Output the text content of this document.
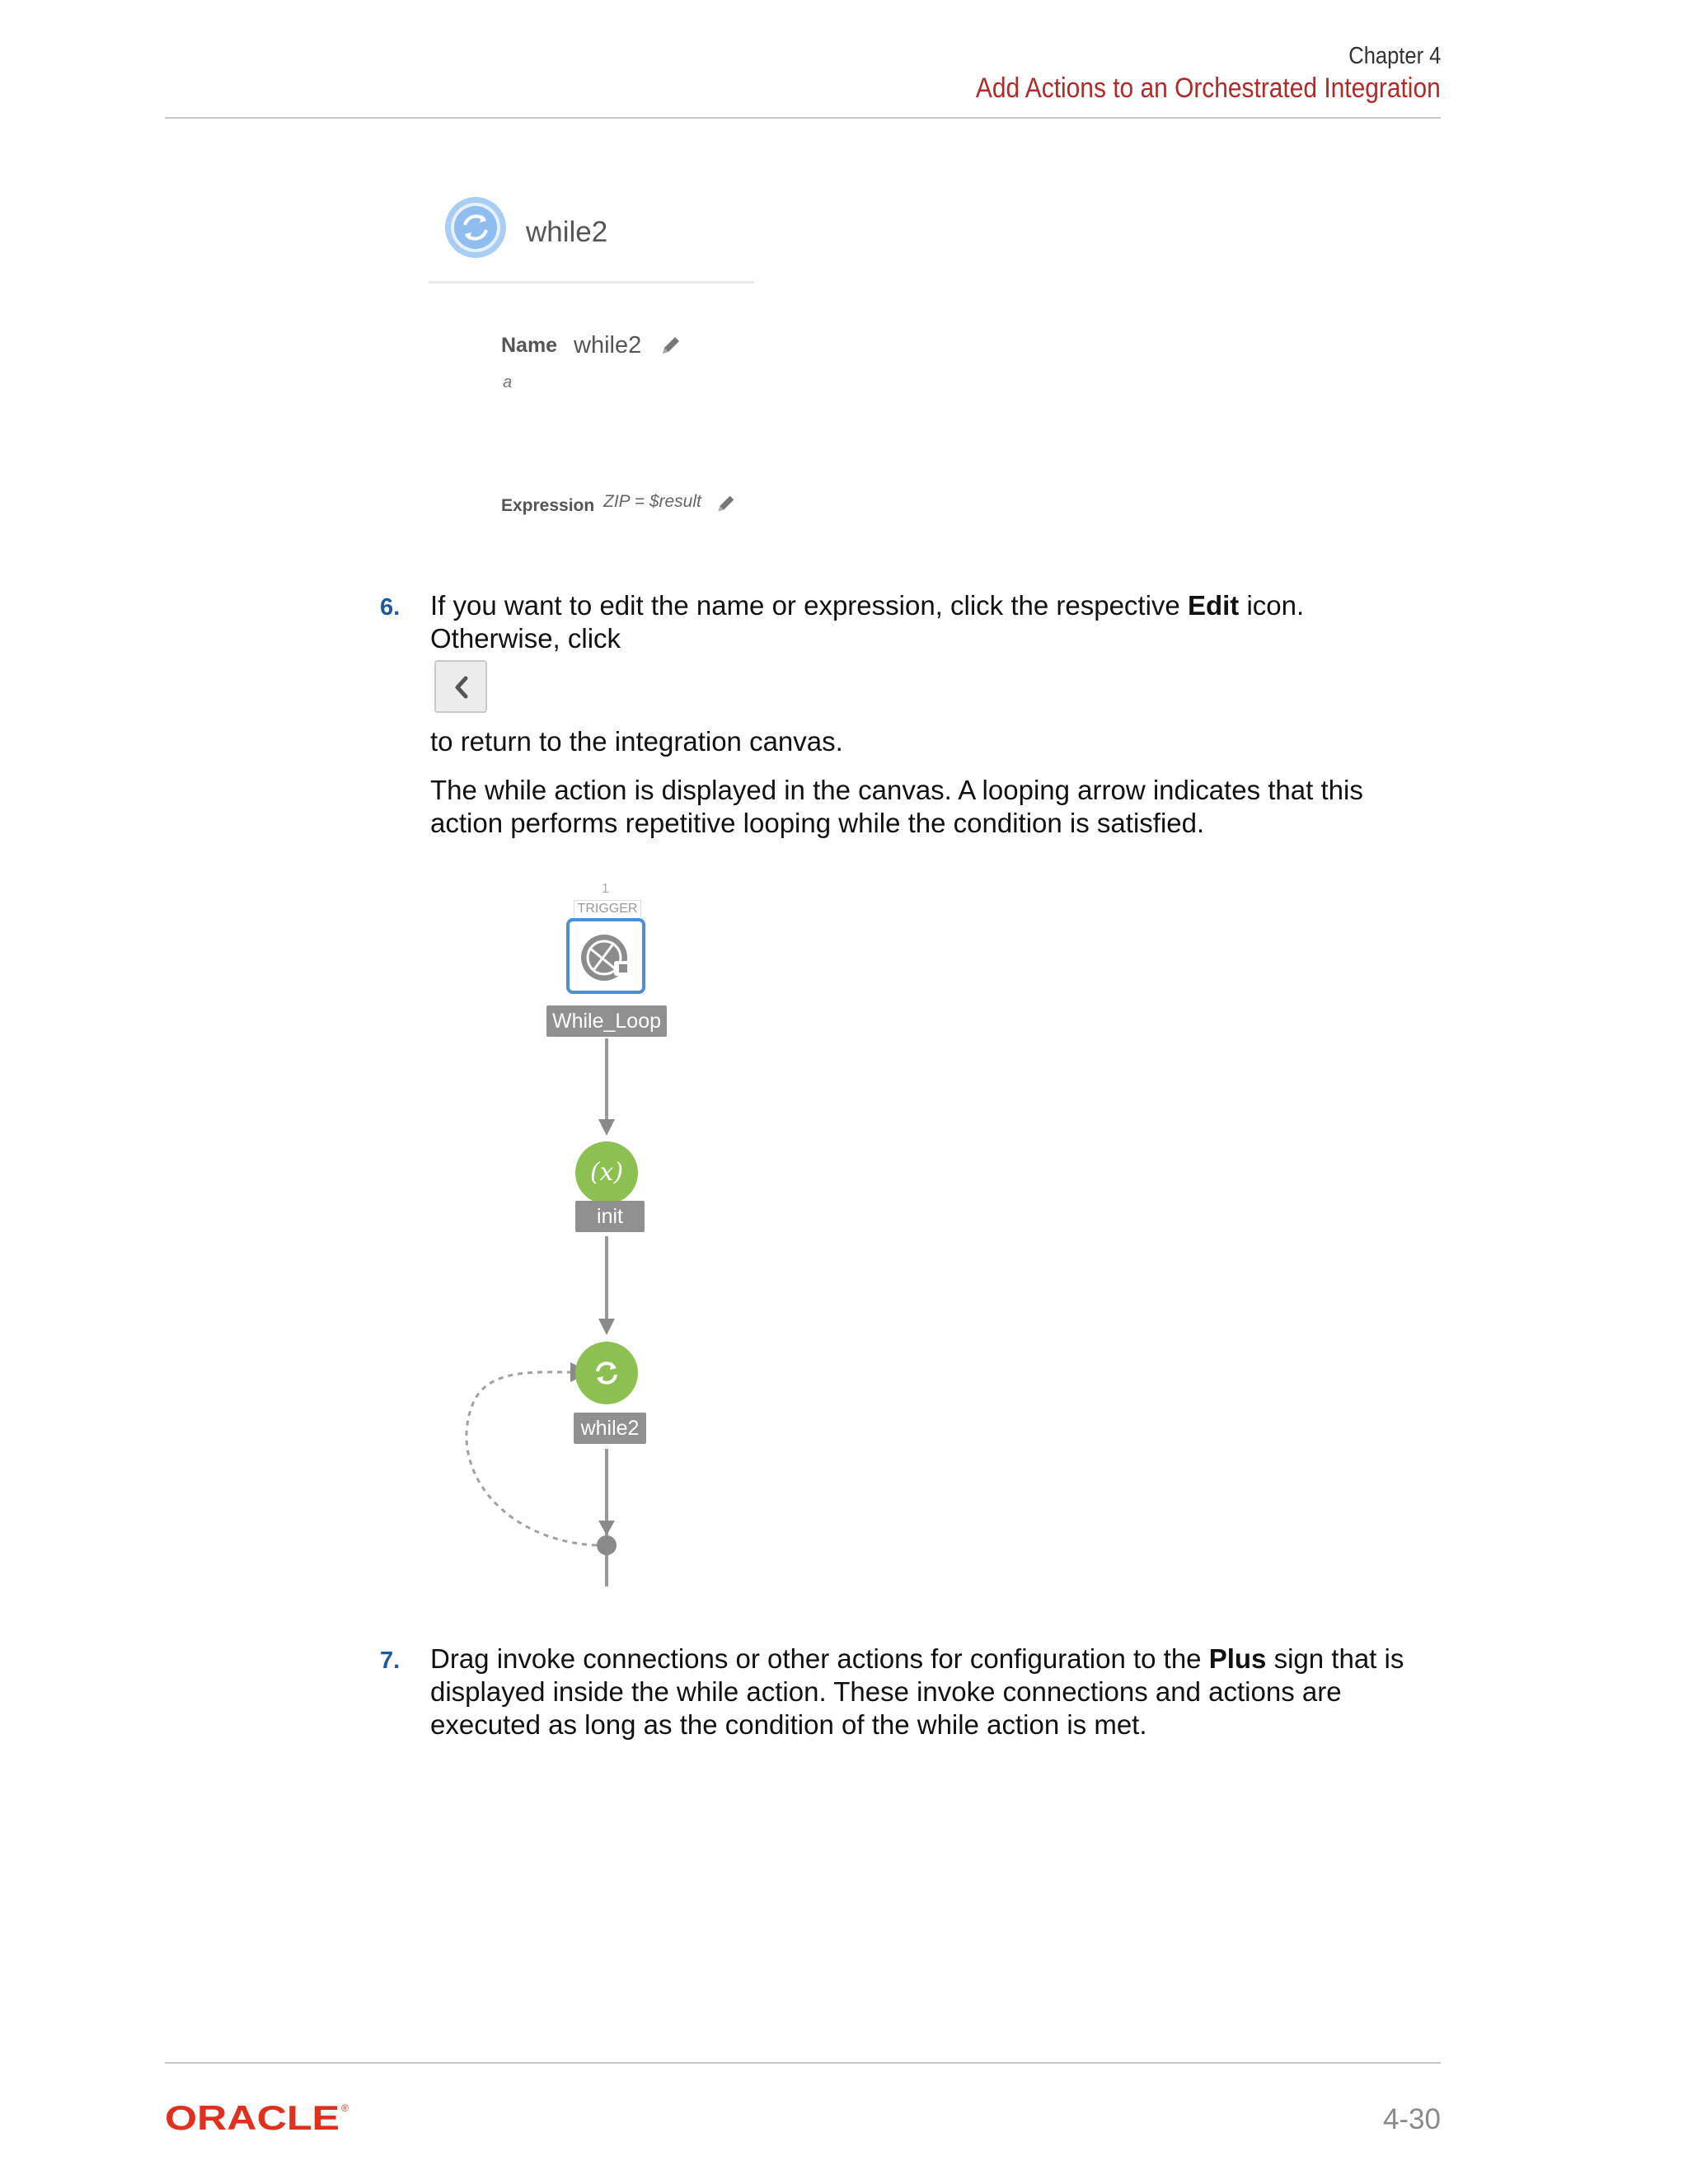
Chapter 4
Add Actions to an Orchestrated Integration
while2
Name while2
a
Expression ZIP = $result
6. If you want to edit the name or expression, click the respective Edit icon. Otherwise, click
to return to the integration canvas.
The while action is displayed in the canvas. A looping arrow indicates that this action performs repetitive looping while the condition is satisfied.
1
TRIGGER
While_Loop
(x)
init
while2
7. Drag invoke connections or other actions for configuration to the Plus sign that is displayed inside the while action. These invoke connections and actions are executed as long as the condition of the while action is met.
ORACLE ®	4-30
